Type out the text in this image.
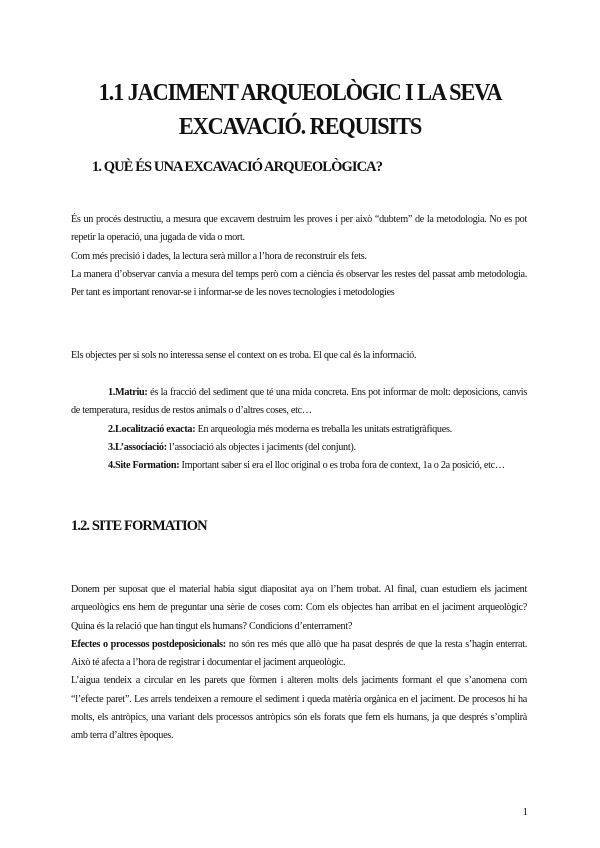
1.1 JACIMENT ARQUEOLÒGIC I LA SEVA EXCAVACIÓ. REQUISITS
1. QUÈ ÉS UNA EXCAVACIÓ ARQUEOLÒGICA?

És un procés destructiu, a mesura que excavem destruim les proves i per això “dubtem” de la metodologia. No es pot repetir la operació, una jugada de vida o mort.

Com més precisió i dades, la lectura serà millor a l’hora de reconstruir els fets.

La manera d’observar canvia a mesura del temps però com a ciència és observar les restes del passat amb metodologia. Per tant es important renovar-se i informar-se de les noves tecnologies i metodologies

Els objectes per si sols no interessa sense el context on es troba. El que cal és la informació.

1.Matriu: és la fracció del sediment que té una mida concreta. Ens pot informar de molt: deposicions, canvis de temperatura, residus de restos animals o d’altres coses, etc…

2.Localització exacta: En arqueologia més moderna es treballa les unitats estratigràfiques.

3.L’associació: l’associació als objectes i jaciments (del conjunt).

4.Site Formation: Important saber si era el lloc original o es troba fora de context, 1a o 2a posició, etc…

1.2. SITE FORMATION

Donem per suposat que el material habia sigut diapositat aya on l’hem trobat. Al final, cuan estudiem els jaciment arqueològics ens hem de preguntar una sèrie de coses com: Com els objectes han arribat en el jaciment arqueològic? Quina és la relació que han tingut els humans? Condicions d’enterrament?

Efectes o processos postdeposicionals: no són res més que allò que ha pasat després de que la resta s’hagin enterrat. Això té afecta a l’hora de registrar i documentar el jaciment arqueològic.

L’aigua tendeix a circular en les parets que fòrmen i alteren molts dels jaciments formant el que s’anomena com “l’efecte paret”. Les arrels tendeixen a remoure el sediment i queda matèria orgànica en el jaciment. De procesos hi ha molts, els antròpics, una variant dels processos antròpics són els forats que fem els humans, ja que després s’omplirà amb terra d’altres èpoques.

1
